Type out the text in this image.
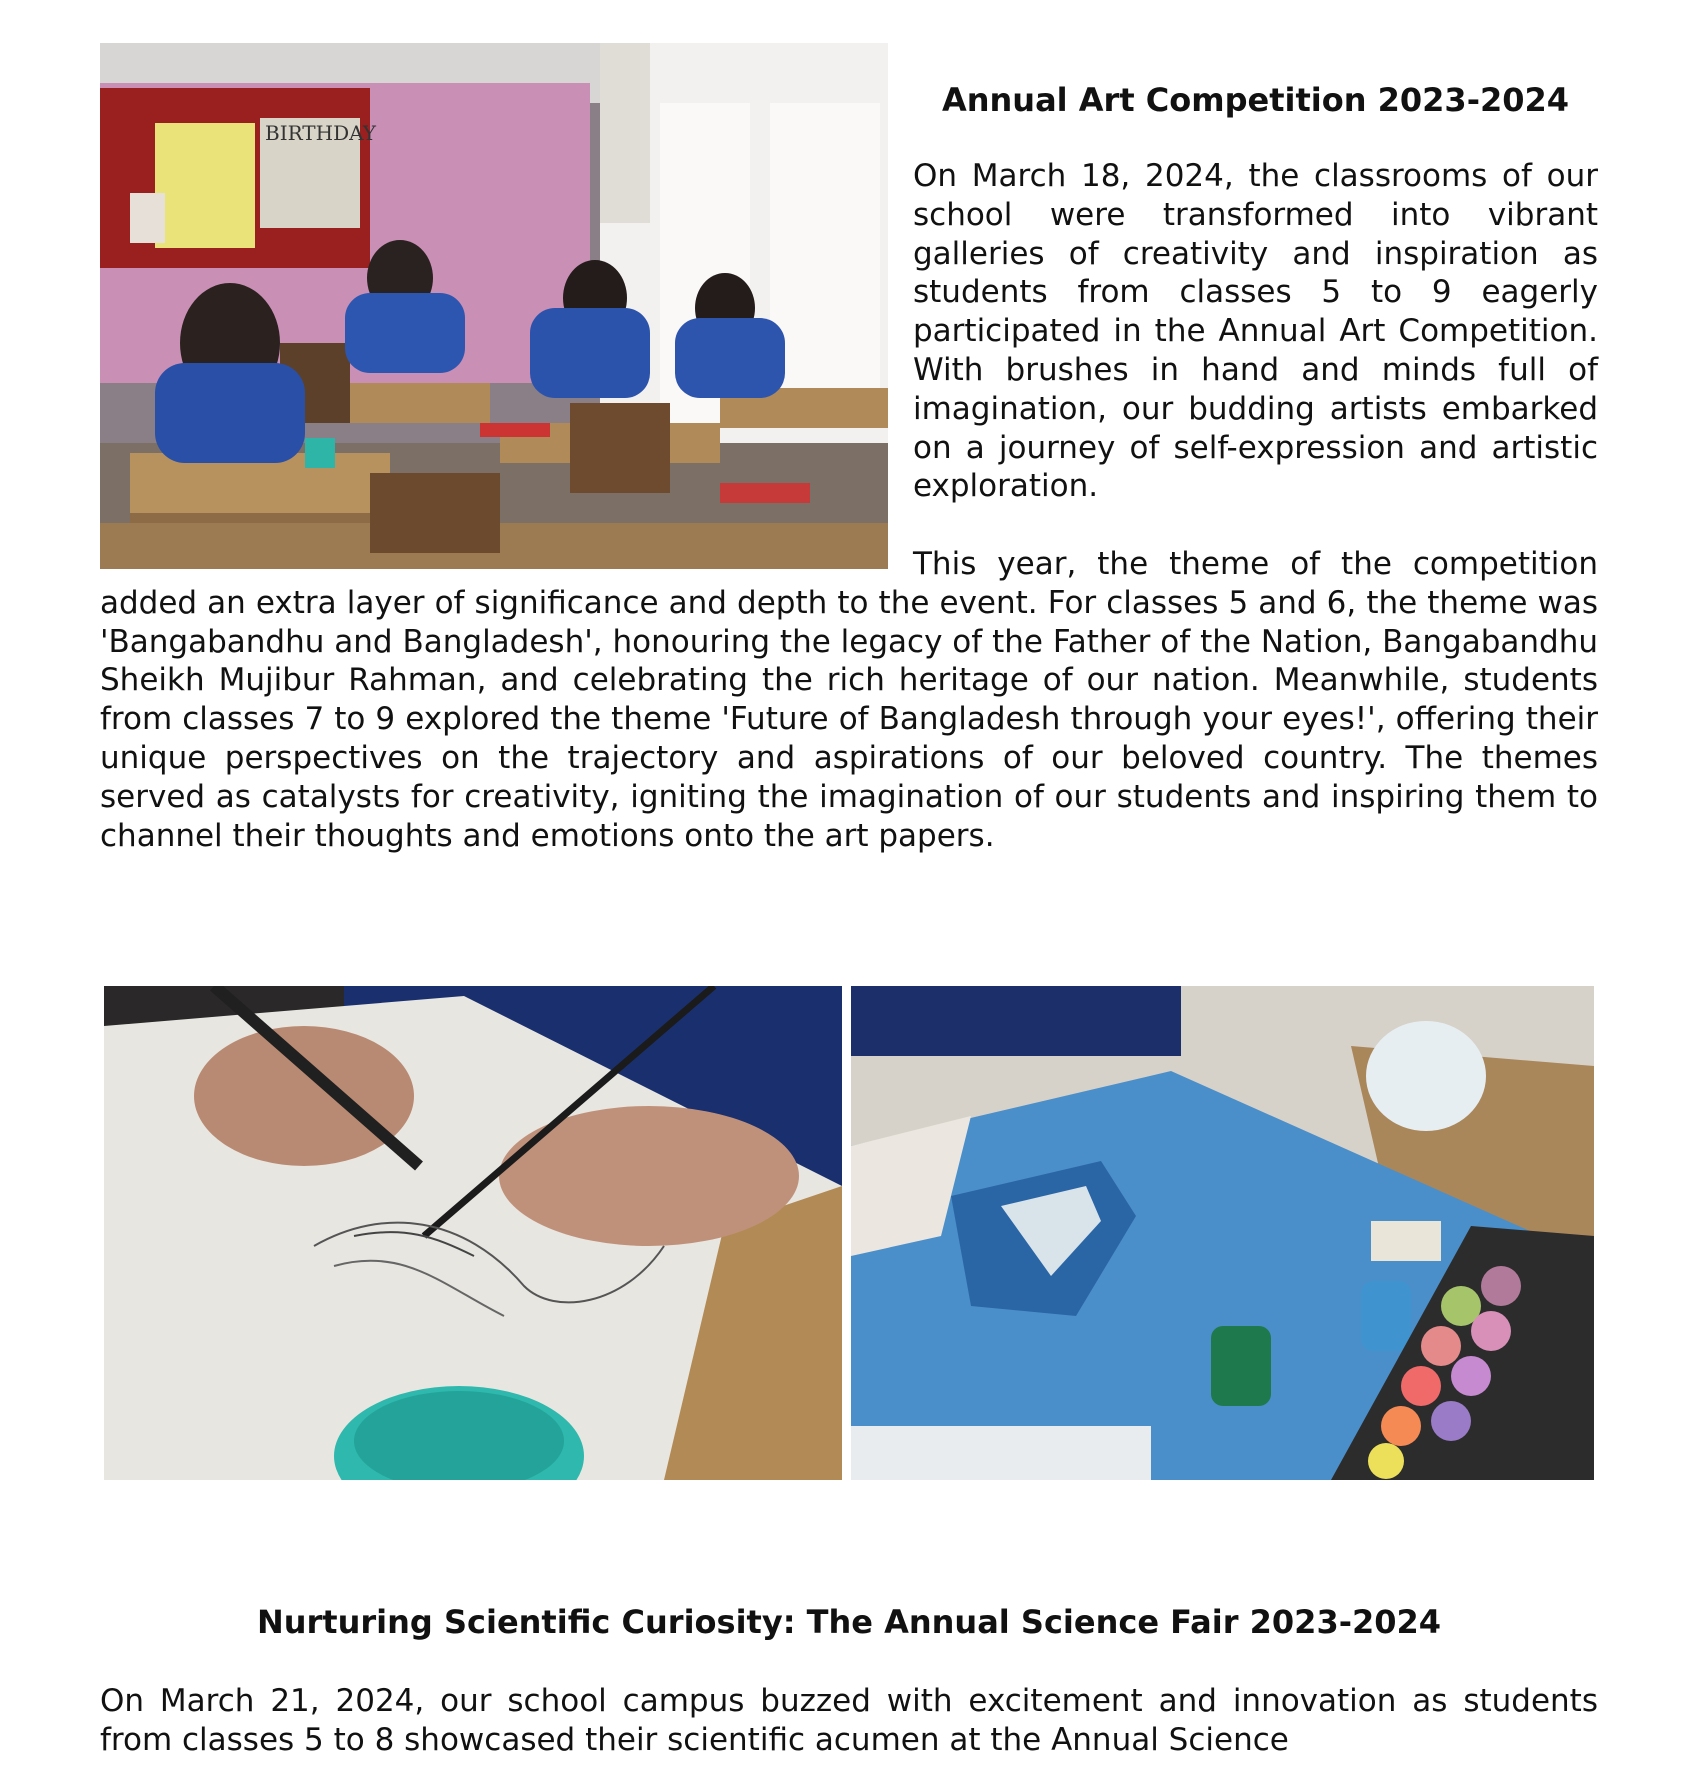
BIRTHDAY
Annual Art Competition 2023-2024

On March 18, 2024, the classrooms of our school were transformed into vibrant galleries of creativity and inspiration as students from classes 5 to 9 eagerly participated in the Annual Art Competition. With brushes in hand and minds full of imagination, our budding artists embarked on a journey of self-expression and artistic exploration.

This year, the theme of the competition added an extra layer of significance and depth to the event. For classes 5 and 6, the theme was 'Bangabandhu and Bangladesh', honouring the legacy of the Father of the Nation, Bangabandhu Sheikh Mujibur Rahman, and celebrating the rich heritage of our nation. Meanwhile, students from classes 7 to 9 explored the theme 'Future of Bangladesh through your eyes!', offering their unique perspectives on the trajectory and aspirations of our beloved country. The themes served as catalysts for creativity, igniting the imagination of our students and inspiring them to channel their thoughts and emotions onto the art papers.

Nurturing Scientific Curiosity: The Annual Science Fair 2023-2024

On March 21, 2024, our school campus buzzed with excitement and innovation as students from classes 5 to 8 showcased their scientific acumen at the Annual Science
